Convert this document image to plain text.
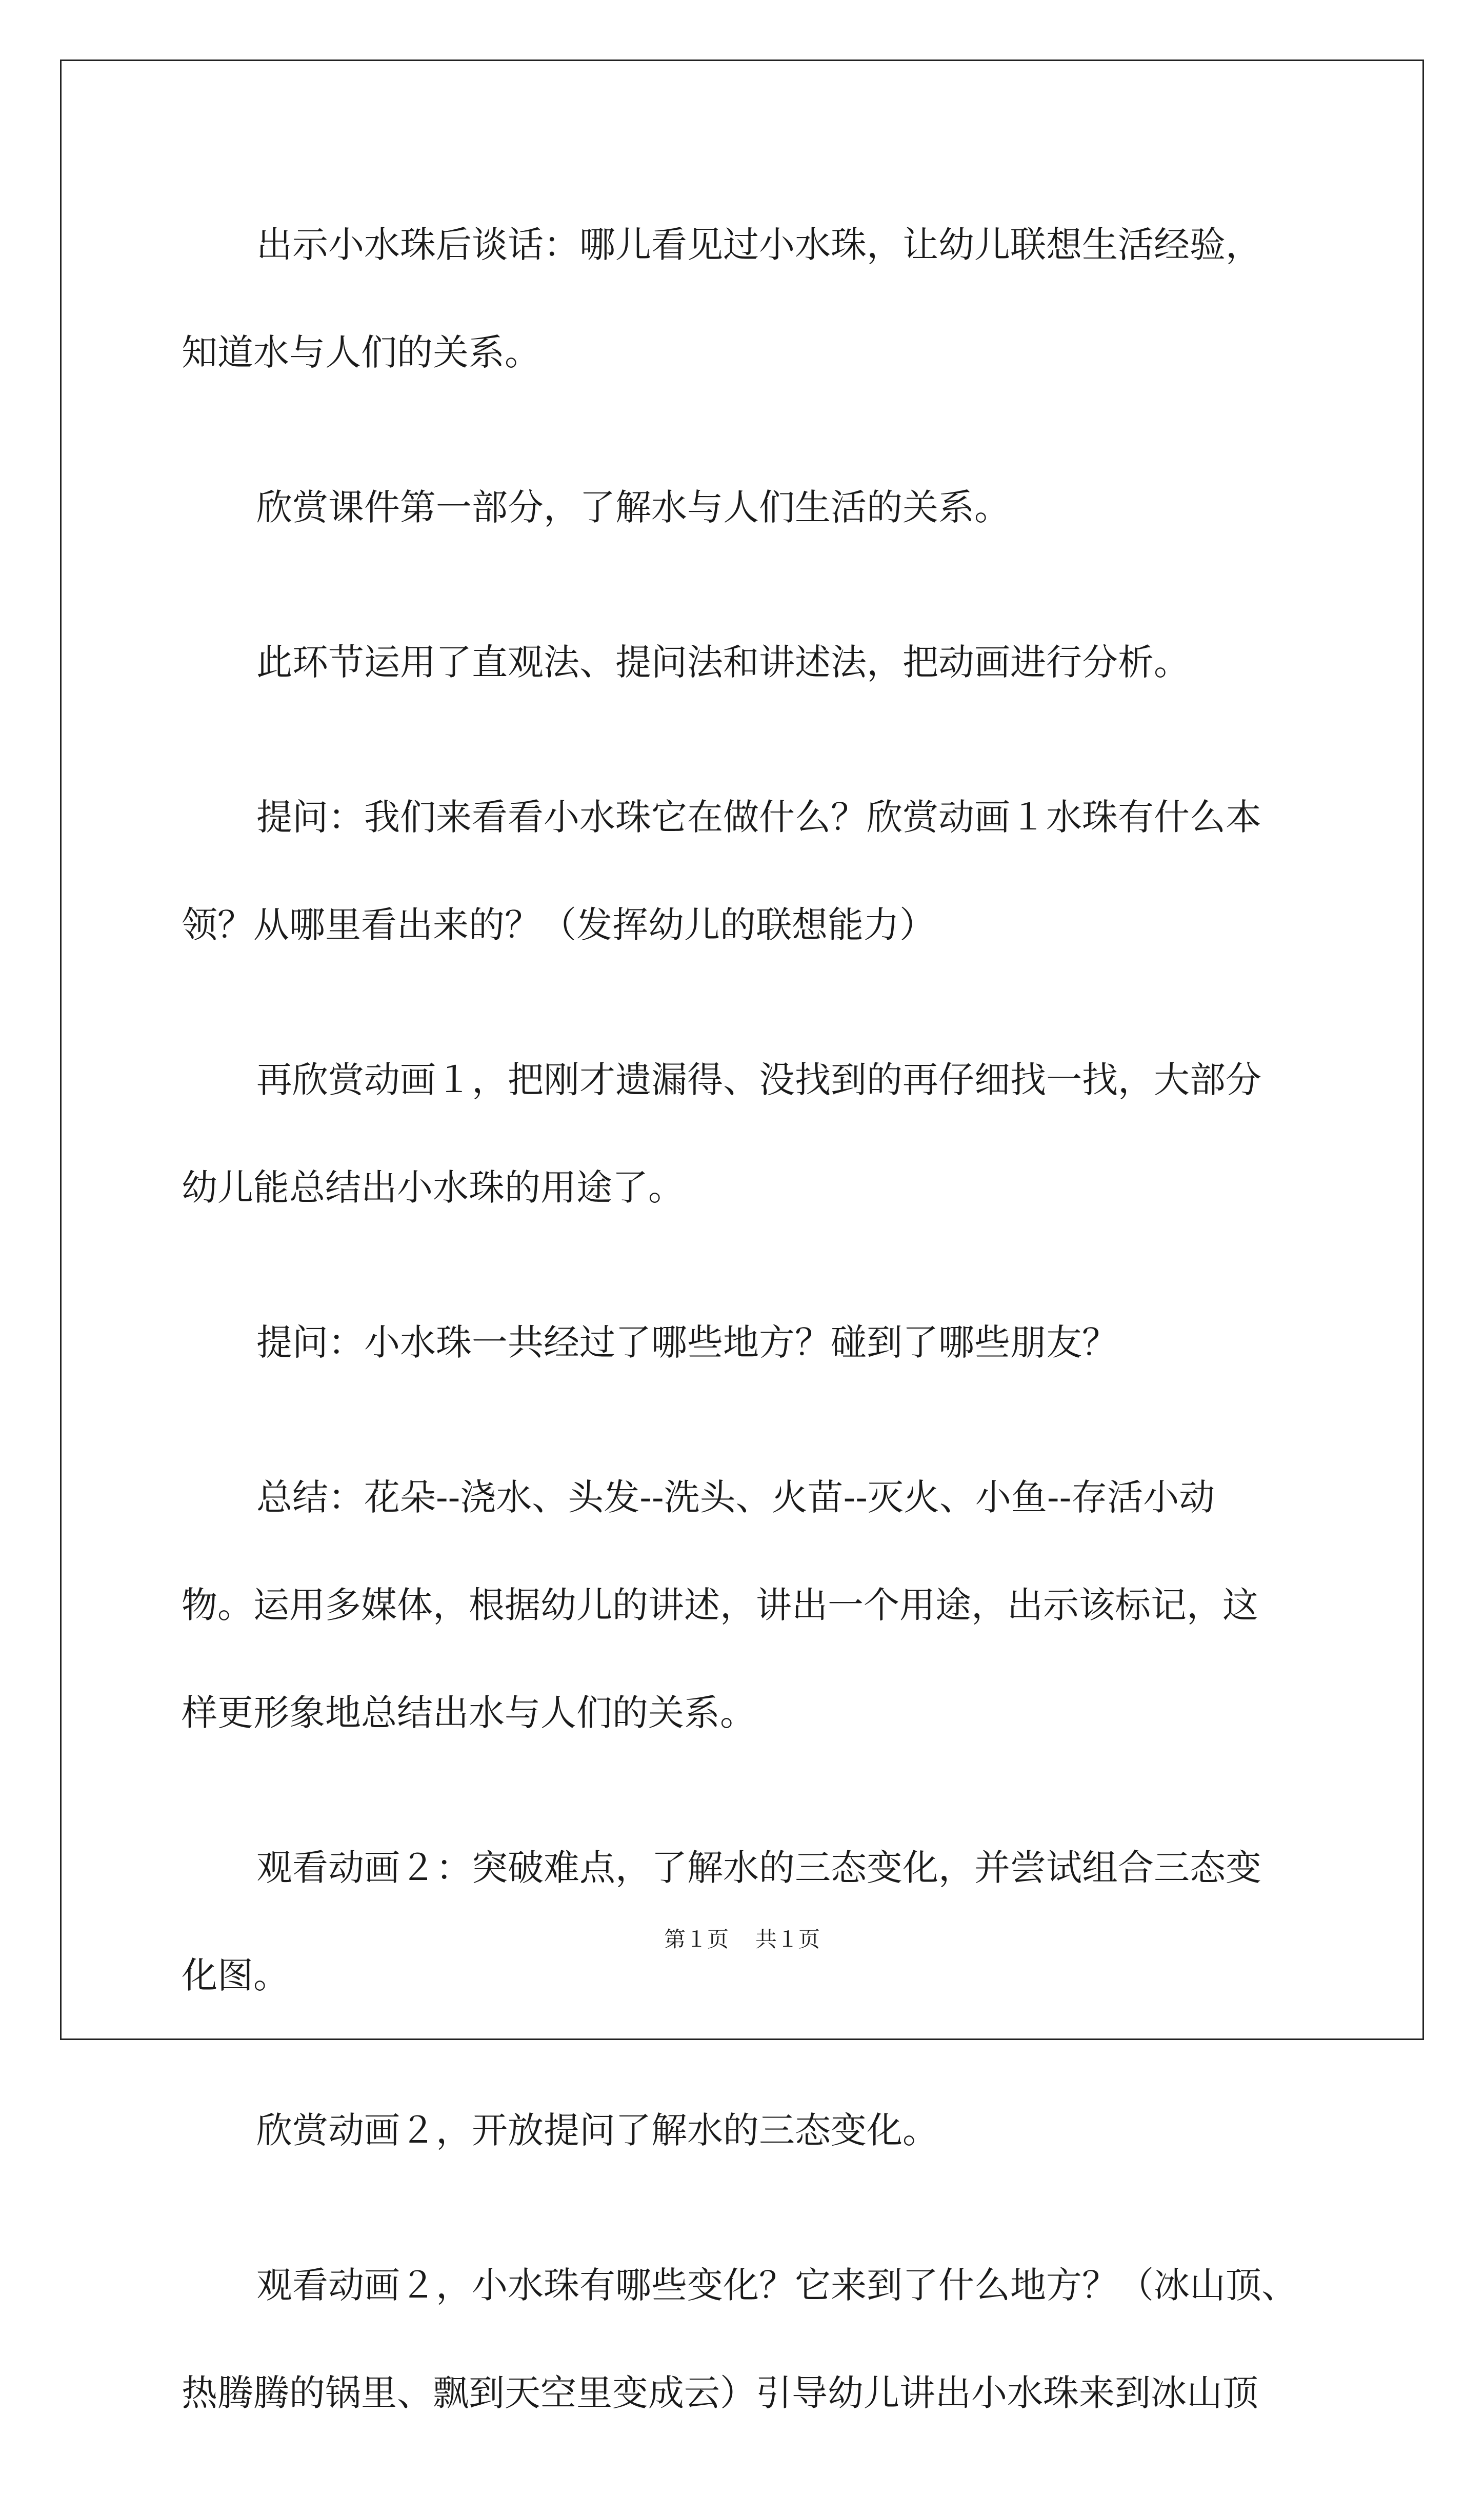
出示小水珠后谈话：哪儿看见过小水珠，让幼儿联想生活经验，
知道水与人们的关系。

欣赏课件第一部分，了解水与人们生活的关系。

此环节运用了直观法、提问法和讲述法，把动画进行分析。

提问：我们来看看小水珠它在做什么？欣赏动画１水珠有什么本
领？从哪里看出来的？（发挥幼儿的联想能力）

再欣赏动画１，把刚才遗漏得、没找到的再仔细找一找，大部分
幼儿能总结出小水珠的用途了。

提问：小水珠一共经过了哪些地方？碰到了哪些朋友？

总结：花朵--浇水、头发--洗头、火苗--灭火、小鱼--存活小动
物。运用多媒体，根据幼儿的讲述，讲出一个用途，出示该标记，这
样更形象地总结出水与人们的关系。

观看动画２：突破难点，了解水的三态变化，并尝试组合三态变
化图。

欣赏动画２，开放提问了解水的三态变化。

观看动画２，小水珠有哪些变化？它来到了什么地方？（冰山顶、
热腾腾的锅里、飘到天空里变成云）引导幼儿讲出小水珠来到冰山顶

第１页 共１页
